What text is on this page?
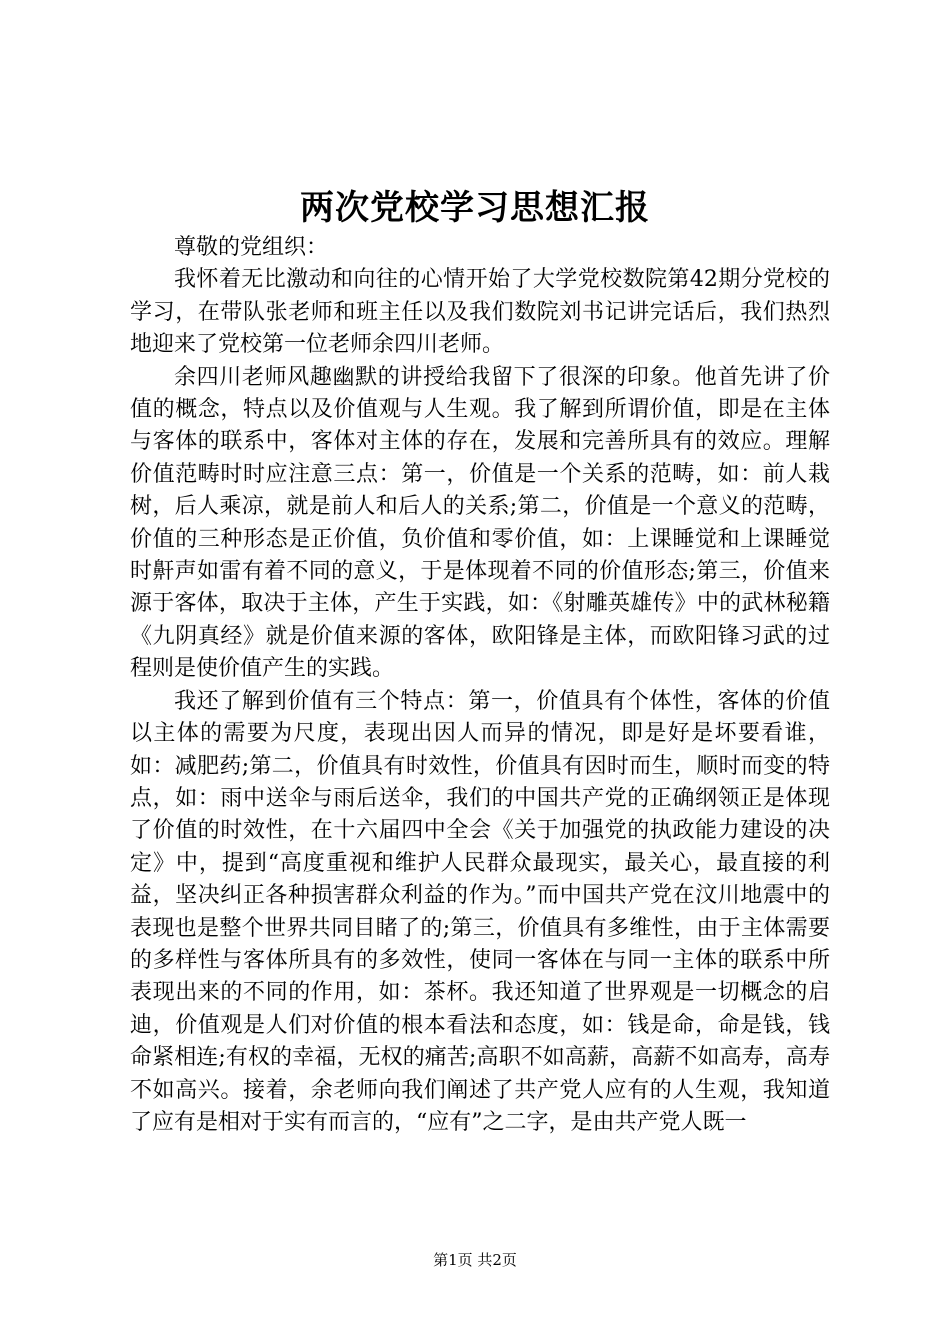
两次党校学习思想汇报

尊敬的党组织：

我怀着无比激动和向往的心情开始了大学党校数院第42期分党校的学习，在带队张老师和班主任以及我们数院刘书记讲完话后，我们热烈地迎来了党校第一位老师余四川老师。

余四川老师风趣幽默的讲授给我留下了很深的印象。他首先讲了价值的概念，特点以及价值观与人生观。我了解到所谓价值，即是在主体与客体的联系中，客体对主体的存在，发展和完善所具有的效应。理解价值范畴时时应注意三点：第一，价值是一个关系的范畴，如：前人栽树，后人乘凉，就是前人和后人的关系;第二，价值是一个意义的范畴，价值的三种形态是正价值，负价值和零价值，如：上课睡觉和上课睡觉时鼾声如雷有着不同的意义，于是体现着不同的价值形态;第三，价值来源于客体，取决于主体，产生于实践，如：《射雕英雄传》中的武林秘籍《九阴真经》就是价值来源的客体，欧阳锋是主体，而欧阳锋习武的过程则是使价值产生的实践。

我还了解到价值有三个特点：第一，价值具有个体性，客体的价值以主体的需要为尺度，表现出因人而异的情况，即是好是坏要看谁，如：减肥药;第二，价值具有时效性，价值具有因时而生，顺时而变的特点，如：雨中送伞与雨后送伞，我们的中国共产党的正确纲领正是体现了价值的时效性，在十六届四中全会《关于加强党的执政能力建设的决定》中，提到“高度重视和维护人民群众最现实，最关心，最直接的利益，坚决纠正各种损害群众利益的作为。”而中国共产党在汶川地震中的表现也是整个世界共同目睹了的;第三，价值具有多维性，由于主体需要的多样性与客体所具有的多效性，使同一客体在与同一主体的联系中所表现出来的不同的作用，如：茶杯。我还知道了世界观是一切概念的启迪，价值观是人们对价值的根本看法和态度，如：钱是命，命是钱，钱命紧相连;有权的幸福，无权的痛苦;高职不如高薪，高薪不如高寿，高寿不如高兴。接着，余老师向我们阐述了共产党人应有的人生观，我知道了应有是相对于实有而言的，“应有”之二字，是由共产党人既一

第1页 共2页
